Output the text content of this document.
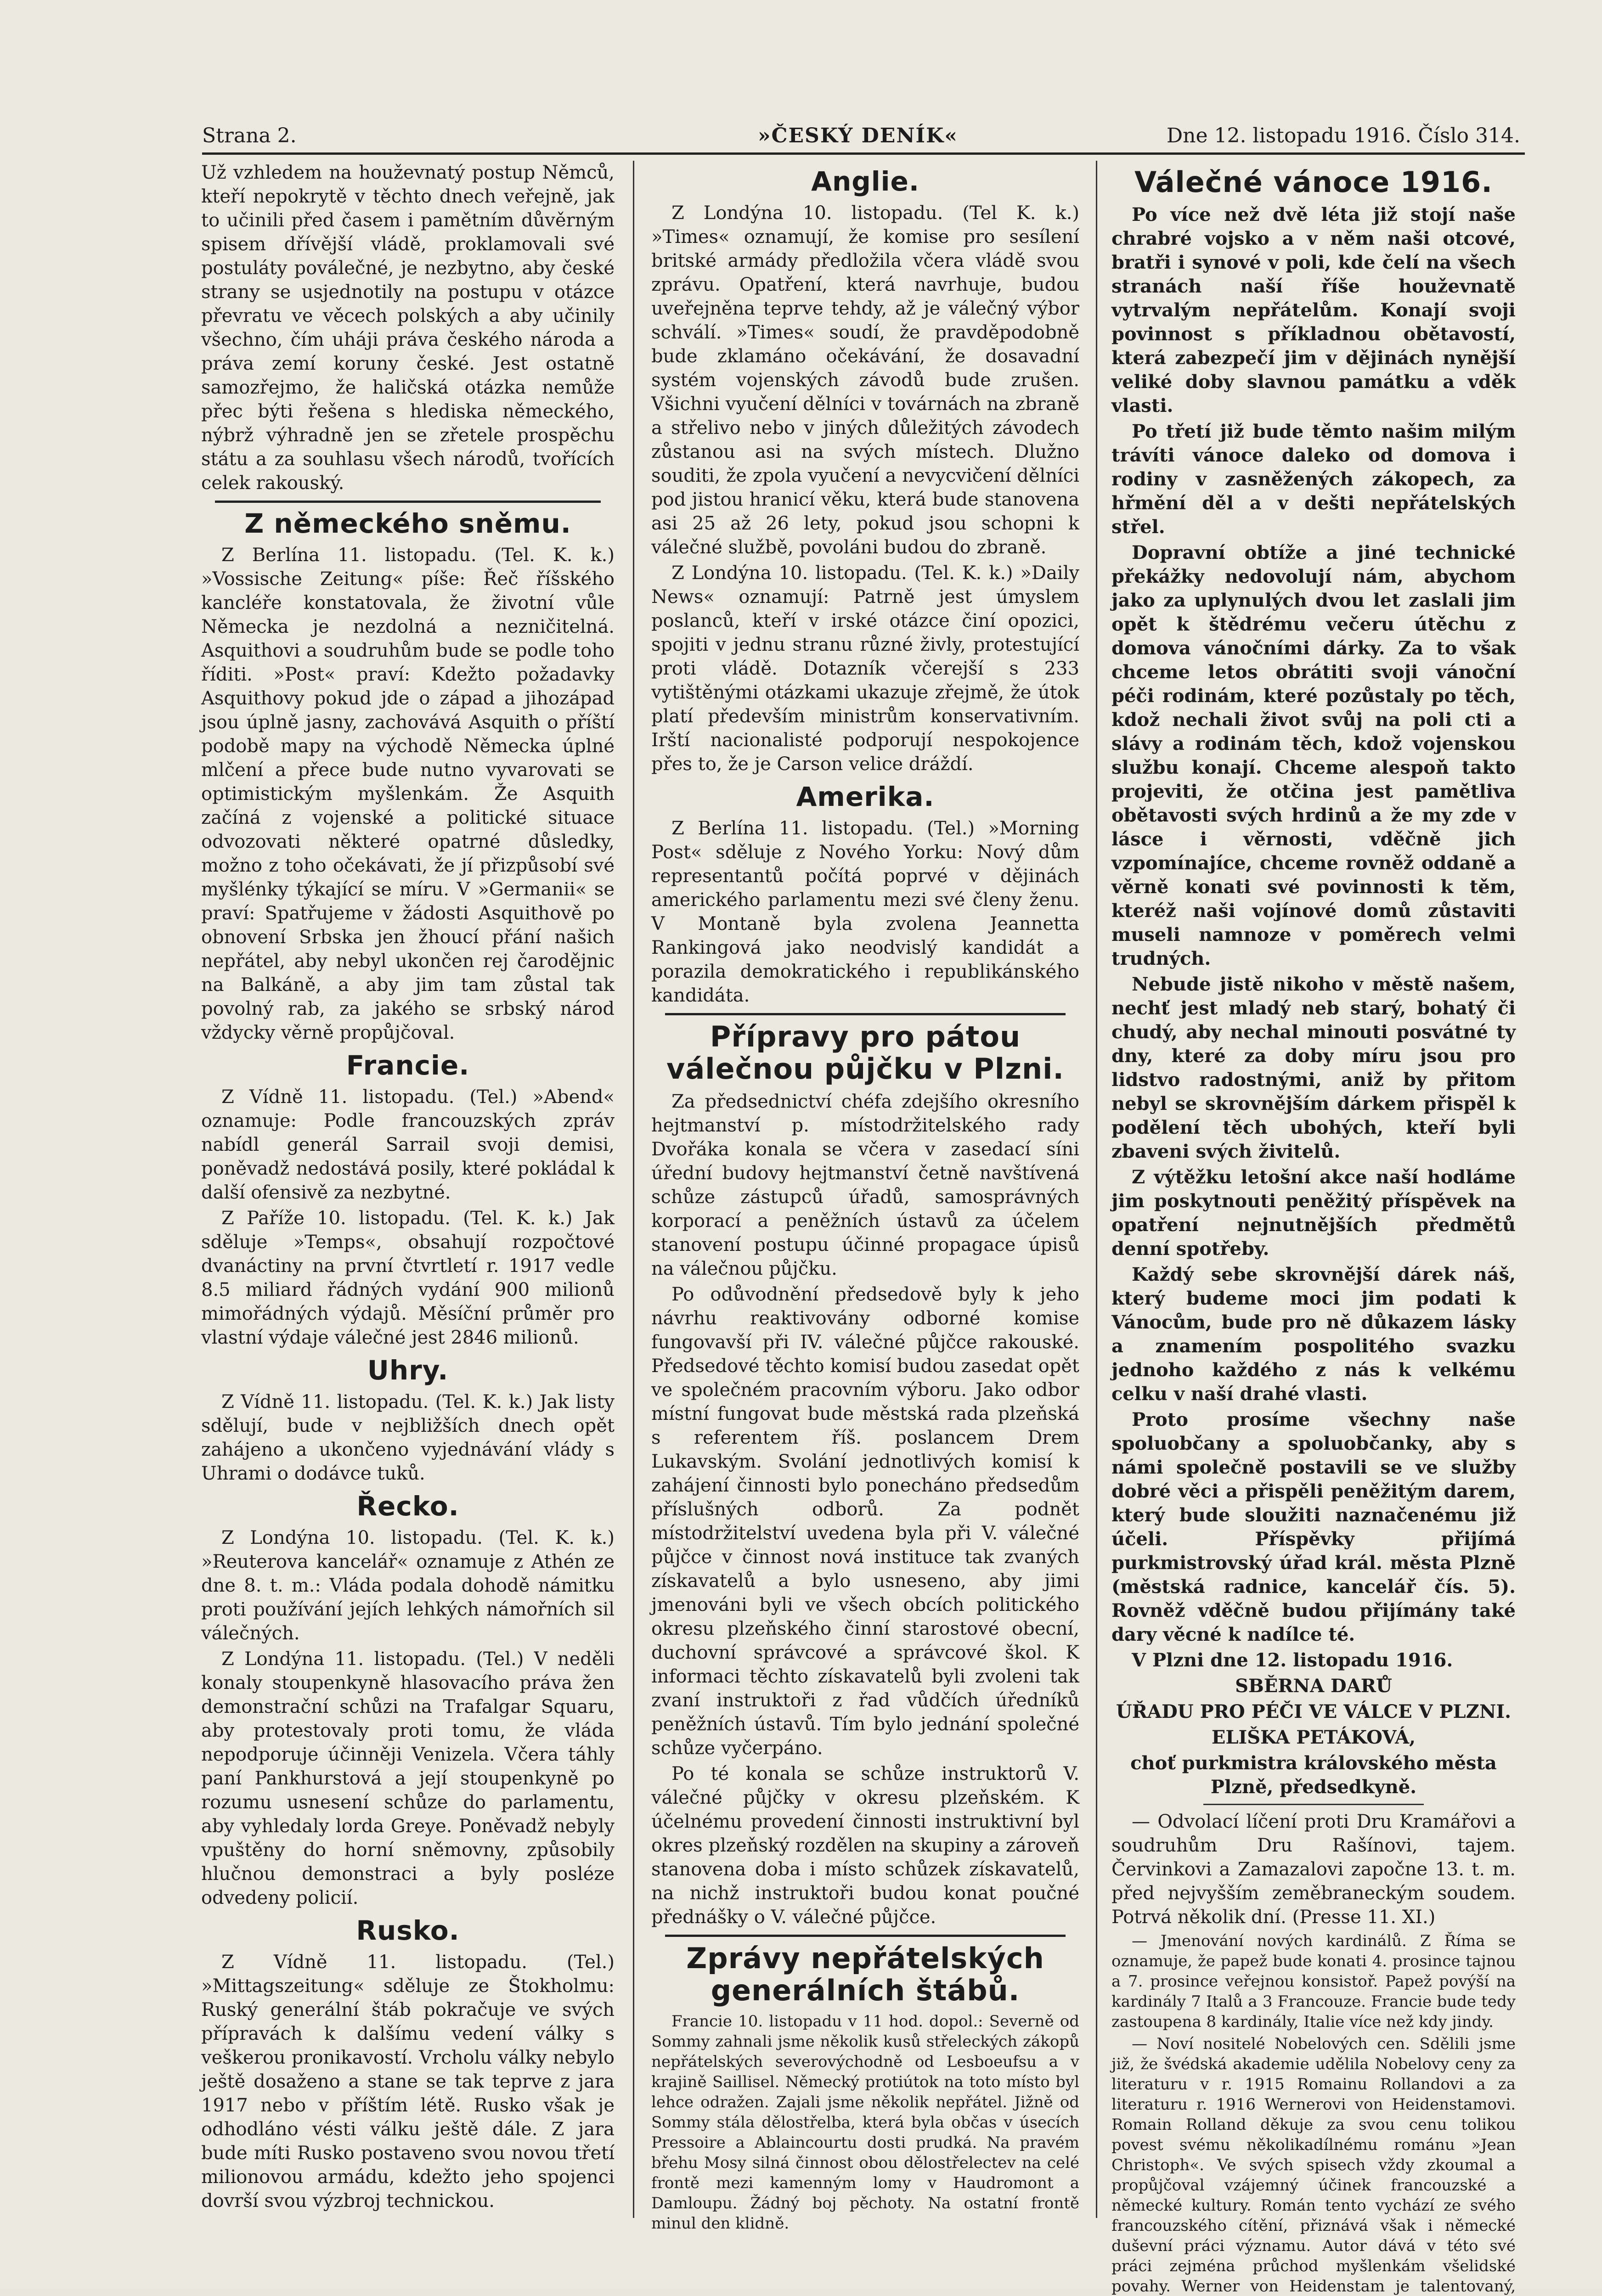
Strana 2.	»ČESKÝ DENÍK«	Dne 12. listopadu 1916. Číslo 314.

Už vzhledem na houževnatý postup Němců, kteří nepokrytě v těchto dnech veřejně, jak to učinili před časem i pamětním důvěrným spisem dřívější vládě, proklamovali své postuláty poválečné, je nezbytno, aby české strany se usjednotily na postupu v otázce převratu ve věcech polských a aby učinily všechno, čím uháji práva českého národa a práva zemí koruny české. Jest ostatně samozřejmo, že haličská otázka nemůže přec býti řešena s hlediska německého, nýbrž výhradně jen se zřetele prospěchu státu a za souhlasu všech národů, tvořících celek rakouský.

Z německého sněmu.

Z Berlína 11. listopadu. (Tel. K. k.) »Vossische Zeitung« píše: Řeč říšského kancléře konstatovala, že životní vůle Německa je nezdolná a nezničitelná. Asquithovi a soudruhům bude se podle toho říditi. »Post« praví: Kdežto požadavky Asquithovy pokud jde o západ a jihozápad jsou úplně jasny, zachovává Asquith o příští podobě mapy na východě Německa úplné mlčení a přece bude nutno vyvarovati se optimistickým myšlenkám. Že Asquith začíná z vojenské a politické situace odvozovati některé opatrné důsledky, možno z toho očekávati, že jí přizpůsobí své myšlénky týkající se míru. V »Germanii« se praví: Spatřujeme v žádosti Asquithově po obnovení Srbska jen žhoucí přání našich nepřátel, aby nebyl ukončen rej čarodějnic na Balkáně, a aby jim tam zůstal tak povolný rab, za jakého se srbský národ vždycky věrně propůjčoval.

Francie.

Z Vídně 11. listopadu. (Tel.) »Abend« oznamuje: Podle francouzských zpráv nabídl generál Sarrail svoji demisi, poněvadž nedostává posily, které pokládal k další ofensivě za nezbytné.

Z Paříže 10. listopadu. (Tel. K. k.) Jak sděluje »Temps«, obsahují rozpočtové dvanáctiny na první čtvrtletí r. 1917 vedle 8.5 miliard řádných vydání 900 milionů mimořádných výdajů. Měsíční průměr pro vlastní výdaje válečné jest 2846 milionů.

Uhry.

Z Vídně 11. listopadu. (Tel. K. k.) Jak listy sdělují, bude v nejbližších dnech opět zahájeno a ukončeno vyjednávání vlády s Uhrami o dodávce tuků.

Řecko.

Z Londýna 10. listopadu. (Tel. K. k.) »Reuterova kancelář« oznamuje z Athén ze dne 8. t. m.: Vláda podala dohodě námitku proti používání jejích lehkých námořních sil válečných.

Z Londýna 11. listopadu. (Tel.) V neděli konaly stoupenkyně hlasovacího práva žen demonstrační schůzi na Trafalgar Squaru, aby protestovaly proti tomu, že vláda nepodporuje účinněji Venizela. Včera táhly paní Pankhurstová a její stoupenkyně po rozumu usnesení schůze do parlamentu, aby vyhledaly lorda Greye. Poněvadž nebyly vpuštěny do horní sněmovny, způsobily hlučnou demonstraci a byly posléze odvedeny policií.

Rusko.

Z Vídně 11. listopadu. (Tel.) »Mittagszeitung« sděluje ze Štokholmu: Ruský generální štáb pokračuje ve svých přípravách k dalšímu vedení války s veškerou pronikavostí. Vrcholu války nebylo ještě dosaženo a stane se tak teprve z jara 1917 nebo v příštím létě. Rusko však je odhodláno vésti válku ještě dále. Z jara bude míti Rusko postaveno svou novou třetí milionovou armádu, kdežto jeho spojenci dovrší svou výzbroj technickou.

Anglie.

Z Londýna 10. listopadu. (Tel K. k.) »Times« oznamují, že komise pro sesílení britské armády předložila včera vládě svou zprávu. Opatření, která navrhuje, budou uveřejněna teprve tehdy, až je válečný výbor schválí. »Times« soudí, že pravděpodobně bude zklamáno očekávání, že dosavadní systém vojenských závodů bude zrušen. Všichni vyučení dělníci v továrnách na zbraně a střelivo nebo v jiných důležitých závodech zůstanou asi na svých místech. Dlužno souditi, že zpola vyučení a nevycvičení dělníci pod jistou hranicí věku, která bude stanovena asi 25 až 26 lety, pokud jsou schopni k válečné službě, povoláni budou do zbraně.

Z Londýna 10. listopadu. (Tel. K. k.) »Daily News« oznamují: Patrně jest úmyslem poslanců, kteří v irské otázce činí opozici, spojiti v jednu stranu různé živly, protestující proti vládě. Dotazník včerejší s 233 vytištěnými otázkami ukazuje zřejmě, že útok platí především ministrům konservativním. Irští nacionalisté podporují nespokojence přes to, že je Carson velice dráždí.

Amerika.

Z Berlína 11. listopadu. (Tel.) »Morning Post« sděluje z Nového Yorku: Nový dům representantů počítá poprvé v dějinách amerického parlamentu mezi své členy ženu. V Montaně byla zvolena Jeannetta Rankingová jako neodvislý kandidát a porazila demokratického i republikánského kandidáta.

Přípravy pro pátou válečnou půjčku v Plzni.

Za předsednictví chéfa zdejšího okresního hejtmanství p. místodržitelského rady Dvořáka konala se včera v zasedací síni úřední budovy hejtmanství četně navštívená schůze zástupců úřadů, samosprávných korporací a peněžních ústavů za účelem stanovení postupu účinné propagace úpisů na válečnou půjčku.

Po odůvodnění předsedově byly k jeho návrhu reaktivovány odborné komise fungovavší při IV. válečné půjčce rakouské. Předsedové těchto komisí budou zasedat opět ve společném pracovním výboru. Jako odbor místní fungovat bude městská rada plzeňská s referentem říš. poslancem Drem Lukavským. Svolání jednotlivých komisí k zahájení činnosti bylo ponecháno předsedům příslušných odborů. Za podnět místodržitelství uvedena byla při V. válečné půjčce v činnost nová instituce tak zvaných získavatelů a bylo usneseno, aby jimi jmenováni byli ve všech obcích politického okresu plzeňského činní starostové obecní, duchovní správcové a správcové škol. K informaci těchto získavatelů byli zvoleni tak zvaní instruktoři z řad vůdčích úředníků peněžních ústavů. Tím bylo jednání společné schůze vyčerpáno.

Po té konala se schůze instruktorů V. válečné půjčky v okresu plzeňském. K účelnému provedení činnosti instruktivní byl okres plzeňský rozdělen na skupiny a zároveň stanovena doba i místo schůzek získavatelů, na nichž instruktoři budou konat poučné přednášky o V. válečné půjčce.

Zprávy nepřátelských generálních štábů.

Francie 10. listopadu v 11 hod. dopol.: Severně od Sommy zahnali jsme několik kusů střeleckých zákopů nepřátelských severovýchodně od Lesboeufsu a v krajině Saillisel. Německý protiútok na toto místo byl lehce odražen. Zajali jsme několik nepřátel. Jižně od Sommy stála dělostřelba, která byla občas v úsecích Pressoire a Ablaincourtu dosti prudká. Na pravém břehu Mosy silná činnost obou dělostřelectev na celé frontě mezi kamenným lomy v Haudromont a Damloupu. Žádný boj pěchoty. Na ostatní frontě minul den klidně.

Válečné vánoce 1916.

Po více než dvě léta již stojí naše chrabré vojsko a v něm naši otcové, bratři i synové v poli, kde čelí na všech stranách naší říše houževnatě vytrvalým nepřátelům. Konají svoji povinnost s příkladnou obětavostí, která zabezpečí jim v dějinách nynější veliké doby slavnou památku a vděk vlasti.

Po třetí již bude těmto našim milým trávíti vánoce daleko od domova i rodiny v zasněžených zákopech, za hřmění děl a v dešti nepřátelských střel.

Dopravní obtíže a jiné technické překážky nedovolují nám, abychom jako za uplynulých dvou let zaslali jim opět k štědrému večeru útěchu z domova vánočními dárky. Za to však chceme letos obrátiti svoji vánoční péči rodinám, které pozůstaly po těch, kdož nechali život svůj na poli cti a slávy a rodinám těch, kdož vojenskou službu konají. Chceme alespoň takto projeviti, že otčina jest pamětliva obětavosti svých hrdinů a že my zde v lásce i věrnosti, vděčně jich vzpomínajíce, chceme rovněž oddaně a věrně konati své povinnosti k těm, kteréž naši vojínové domů zůstaviti museli namnoze v poměrech velmi trudných.

Nebude jistě nikoho v městě našem, nechť jest mladý neb starý, bohatý či chudý, aby nechal minouti posvátné ty dny, které za doby míru jsou pro lidstvo radostnými, aniž by přitom nebyl se skrovnějším dárkem přispěl k podělení těch ubohých, kteří byli zbaveni svých živitelů.

Z výtěžku letošní akce naší hodláme jim poskytnouti peněžitý příspěvek na opatření nejnutnějších předmětů denní spotřeby.

Každý sebe skrovnější dárek náš, který budeme moci jim podati k Vánocům, bude pro ně důkazem lásky a znamením pospolitého svazku jednoho každého z nás k velkému celku v naší drahé vlasti.

Proto prosíme všechny naše spoluobčany a spoluobčanky, aby s námi společně postavili se ve služby dobré věci a přispěli peněžitým darem, který bude sloužiti naznačenému již účeli. Příspěvky přijímá purkmistrovský úřad král. města Plzně (městská radnice, kancelář čís. 5). Rovněž vděčně budou přijímány také dary věcné k nadílce té.

V Plzni dne 12. listopadu 1916.

SBĚRNA DARŮ

ÚŘADU PRO PÉČI VE VÁLCE V PLZNI.

ELIŠKA PETÁKOVÁ,

choť purkmistra královského města Plzně, předsedkyně.

— Odvolací líčení proti Dru Kramářovi a soudruhům Dru Rašínovi, tajem. Červinkovi a Zamazalovi započne 13. t. m. před nejvyšším zeměbraneckým soudem. Potrvá několik dní. (Presse 11. XI.)

— Jmenování nových kardinálů. Z Říma se oznamuje, že papež bude konati 4. prosince tajnou a 7. prosince veřejnou konsistoř. Papež povýší na kardinály 7 Italů a 3 Francouze. Francie bude tedy zastoupena 8 kardinály, Italie více než kdy jindy.

— Noví nositelé Nobelových cen. Sdělili jsme již, že švédská akademie udělila Nobelovy ceny za literaturu v r. 1915 Romainu Rollandovi a za literaturu r. 1916 Wernerovi von Heidenstamovi. Romain Rolland děkuje za svou cenu tolikou povest svému několikadílnému románu »Jean Christoph«. Ve svých spisech vždy zkoumal a propůjčoval vzájemný účinek francouzské a německé kultury. Román tento vychází ze svého francouzského cítění, přiznává však i německé duševní práci významu. Autor dává v této své práci zejména průchod myšlenkám všelidské povahy. Werner von Heidenstam je talentovaný,
